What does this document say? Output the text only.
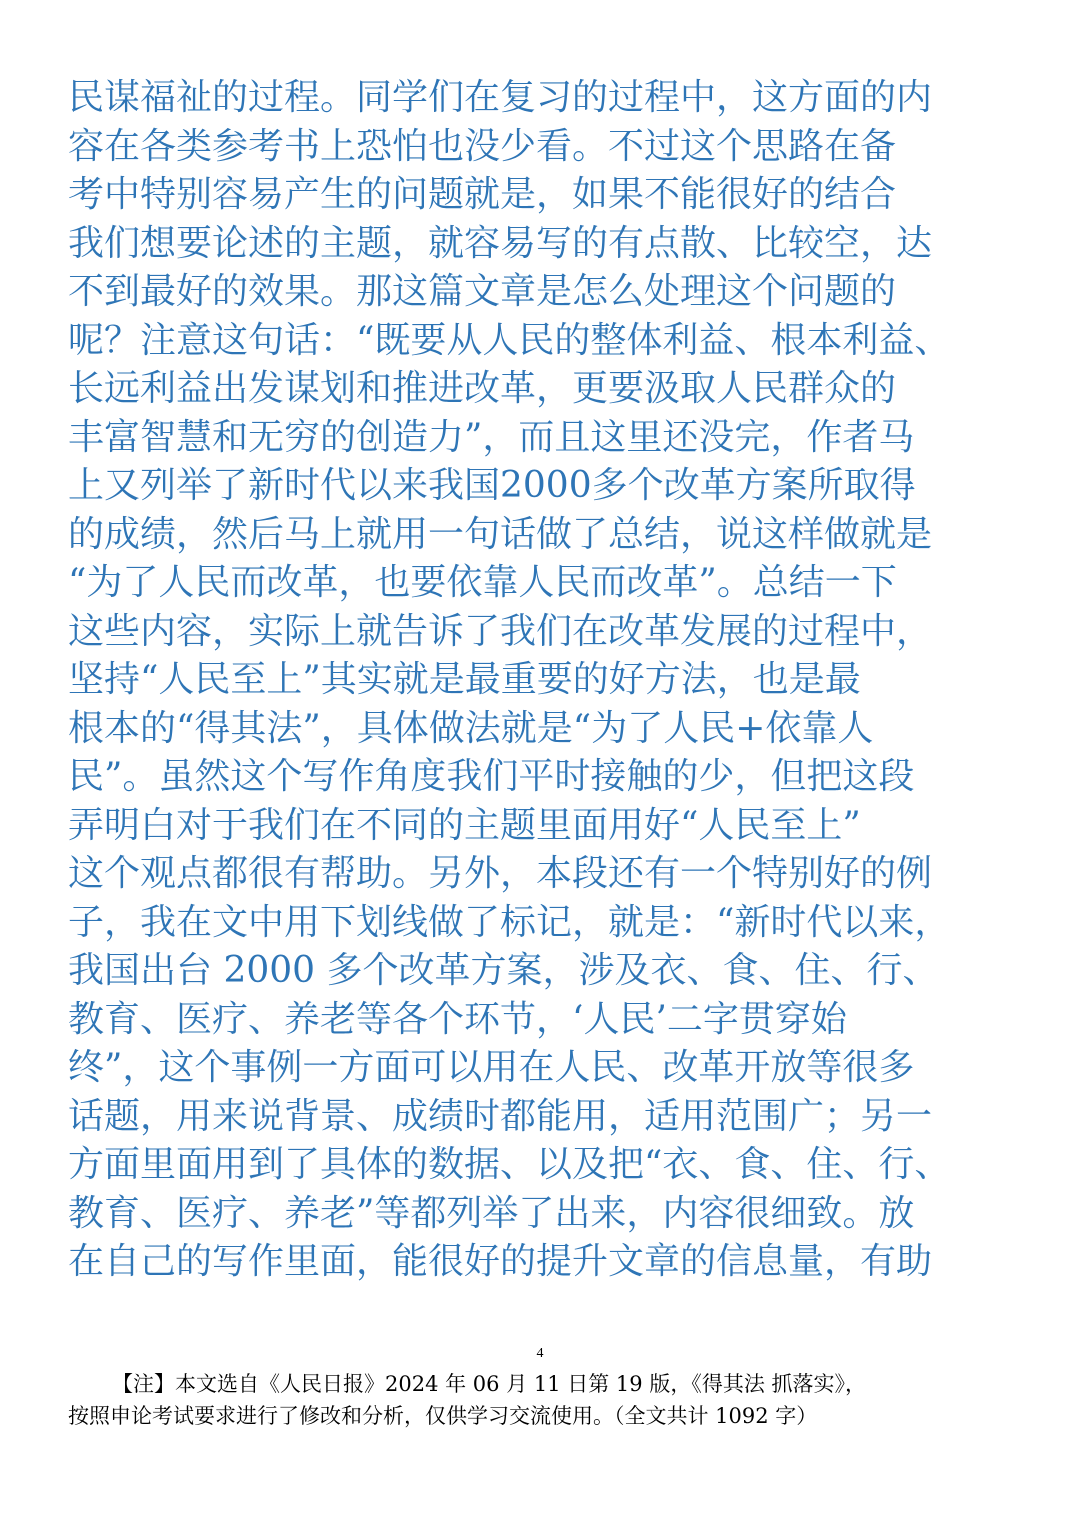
民谋福祉的过程。同学们在复习的过程中，这方面的内
容在各类参考书上恐怕也没少看。不过这个思路在备
考中特别容易产生的问题就是，如果不能很好的结合
我们想要论述的主题，就容易写的有点散、比较空，达
不到最好的效果。那这篇文章是怎么处理这个问题的
呢？注意这句话：“既要从人民的整体利益、根本利益、
长远利益出发谋划和推进改革，更要汲取人民群众的
丰富智慧和无穷的创造力”，而且这里还没完，作者马
上又列举了新时代以来我国2000多个改革方案所取得
的成绩，然后马上就用一句话做了总结，说这样做就是
“为了人民而改革，也要依靠人民而改革”。总结一下
这些内容，实际上就告诉了我们在改革发展的过程中，
坚持“人民至上”其实就是最重要的好方法，也是最
根本的“得其法”，具体做法就是“为了人民+依靠人
民”。虽然这个写作角度我们平时接触的少，但把这段
弄明白对于我们在不同的主题里面用好“人民至上”
这个观点都很有帮助。另外，本段还有一个特别好的例
子，我在文中用下划线做了标记，就是：“新时代以来，
我国出台 2000 多个改革方案，涉及衣、食、住、行、
教育、医疗、养老等各个环节，‘人民’二字贯穿始
终”，这个事例一方面可以用在人民、改革开放等很多
话题，用来说背景、成绩时都能用，适用范围广；另一
方面里面用到了具体的数据、以及把“衣、食、住、行、
教育、医疗、养老”等都列举了出来，内容很细致。放
在自己的写作里面，能很好的提升文章的信息量，有助
4
【注】本文选自《人民日报》2024 年 06 月 11 日第 19 版，《得其法 抓落实》，
按照申论考试要求进行了修改和分析，仅供学习交流使用。（全文共计 1092 字）
